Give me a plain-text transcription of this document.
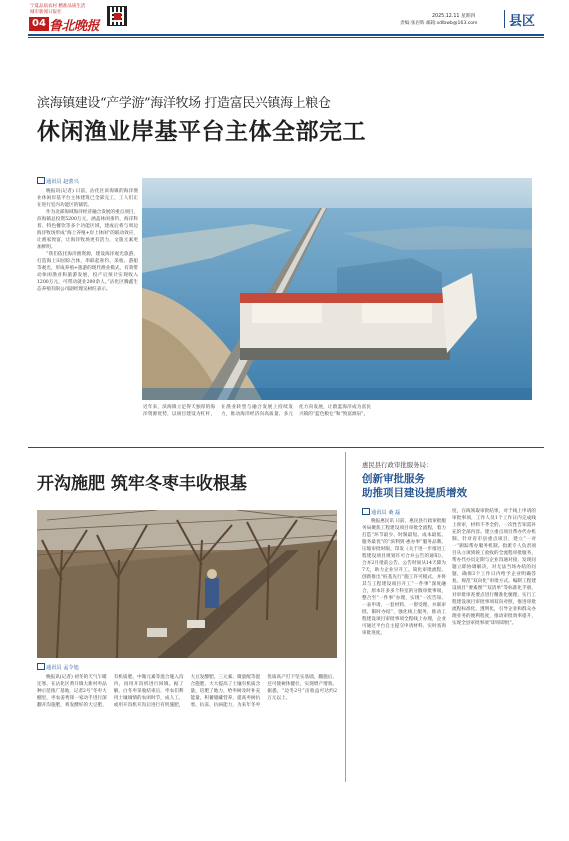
宁夏品质农村 精准品质生活
城市新闻日报社
04 鲁北晚报
2025.12.11 星期四
责编:张岩辉 邮箱:sdlbwb@163.com 县区
滨海镇建设“产学游”海洋牧场 打造富民兴镇海上粮仓
休闲渔业岸基平台主体全部完工
通讯员 赵蕾兴

晚报讯(记者) 日前，沾化区滨海镇的海洋渔业休闲岸基平台主体建筑已全部完工，工人们正在进行室内功能区的铺装。

作为北部海域海洋经济融合发展的重点项目，滨海镇总投资5200万元，涵盖休闲垂钓、海洋科普、特色餐饮等多个功能区域，建成后将与周边海洋牧场形成“海上养殖+岸上休闲”的联动效应，让渔家致富，让海洋牧场更有活力，文旅元素更加鲜明。

“我们依托海洋渔资源，建设海洋观光旅游，打造海上田园综合体，串联起垂钓、采收、游船等观光，形成养殖+旅游的现代渔业模式，有效带动休闲渔业和旅游发展，投产后预计实现收入1200万元，可带动就业200余人。”沾化区腾鑫生态养殖有限公司副经理吴树旺表示。

近年来，滨海镇立足得天独厚的海洋资源优势，以项目建设为杠杆，在渔业转型与融合发展上持续发力，推动海洋经济向高质量、多元化方向发展，让蔚蓝海洋成为富民兴镇的“蓝色粮仓”和“致富源泉”。
开沟施肥 筑牢冬枣丰收根基
通讯员 孟令旭
晚报讯(记者) 初冬的天气乍暖还寒，在沾化区黄升镇大新村枣品种示范推广基地，记者2号“冬枣大棚里，枣农姜秀锋一家动手进行深翻开沟施肥，将发酵好的大豆肥、有机质肥、中微元素等混合施入沟内，再用开沟机进行回填。据了解，白冬枣采收结束后，枣农们利用土壤墒情的农闲时节，成人工、或用开沟机开沟后进行有机施肥，大豆发酵肥、三元素、微量配等混合施肥，大大提高了土壤有机质含量，培肥了地力，给枣树及时补充能量，积蓄储藏营养，提高枣树抗寒、抗冻、抗病能力，为来年冬枣优质高产打下坚实基础，翻施后，还可使树体健壮，实现增产增效。据悉，“边冬2号”亩收益可达约2万元以上。
惠民县行政审批服务局：
创新审批服务
助推项目建设提质增效
通讯员 桑 磊
晚报惠民讯 日前，惠民县行政审批服务局聚焦工程建设项目审批全流程，着力打造“环节最少、时限最短、成本最低、服务最优”的“滨利到·惠办事”服务品牌。压缩审批时限。印发《关于进一步推进工程建设项目规划许可合并公告的通知》，合并2月批前公告、公告时间从14天降为7天，助力企业早开工。简化审批流程。创新推出“桩基先行”施工许可模式，并将其与工程建设项目开工“一件事”深度融合，原本许多多个科室的分散审批事项，整合至“一件事”办理，实现“一次告知、一表申请、一套材料、一窗受理、并联审批、限时办结”，强化线上服务，推动工程建设项目审批事项全程线上办理，企业可通过平台自主提交申请材料、实时查询审批进度。
度，在线领取审批结果，对于线上申请的审批事项，工作人员1个工作日内完成线上预审，材料不齐全的，一次性告知需补充的全部内容。建立重点项目帮办代办机制。针对省市县重点项目，建立“一对一”跟踪帮办服务机制。指派专人负责项目从立项到竣工验收的全流程审批服务，帮办代办员定期与企业沟通对接，发现问题立即协调解决，对无法当场办结的问题，确保3个工作日内给予企业明确答复。规范“双向化”审批方式。编制工程建设项目“要素图”“双清单”等标准化手册，对审批审查要点进行精准化梳理，实行工程建设项目审批事项双向对照，推进审批流程标准化、透明化，引导企业和群众办理业务的便利程度，推动审批效率提升，实现全县审批事项“即审即批”。
